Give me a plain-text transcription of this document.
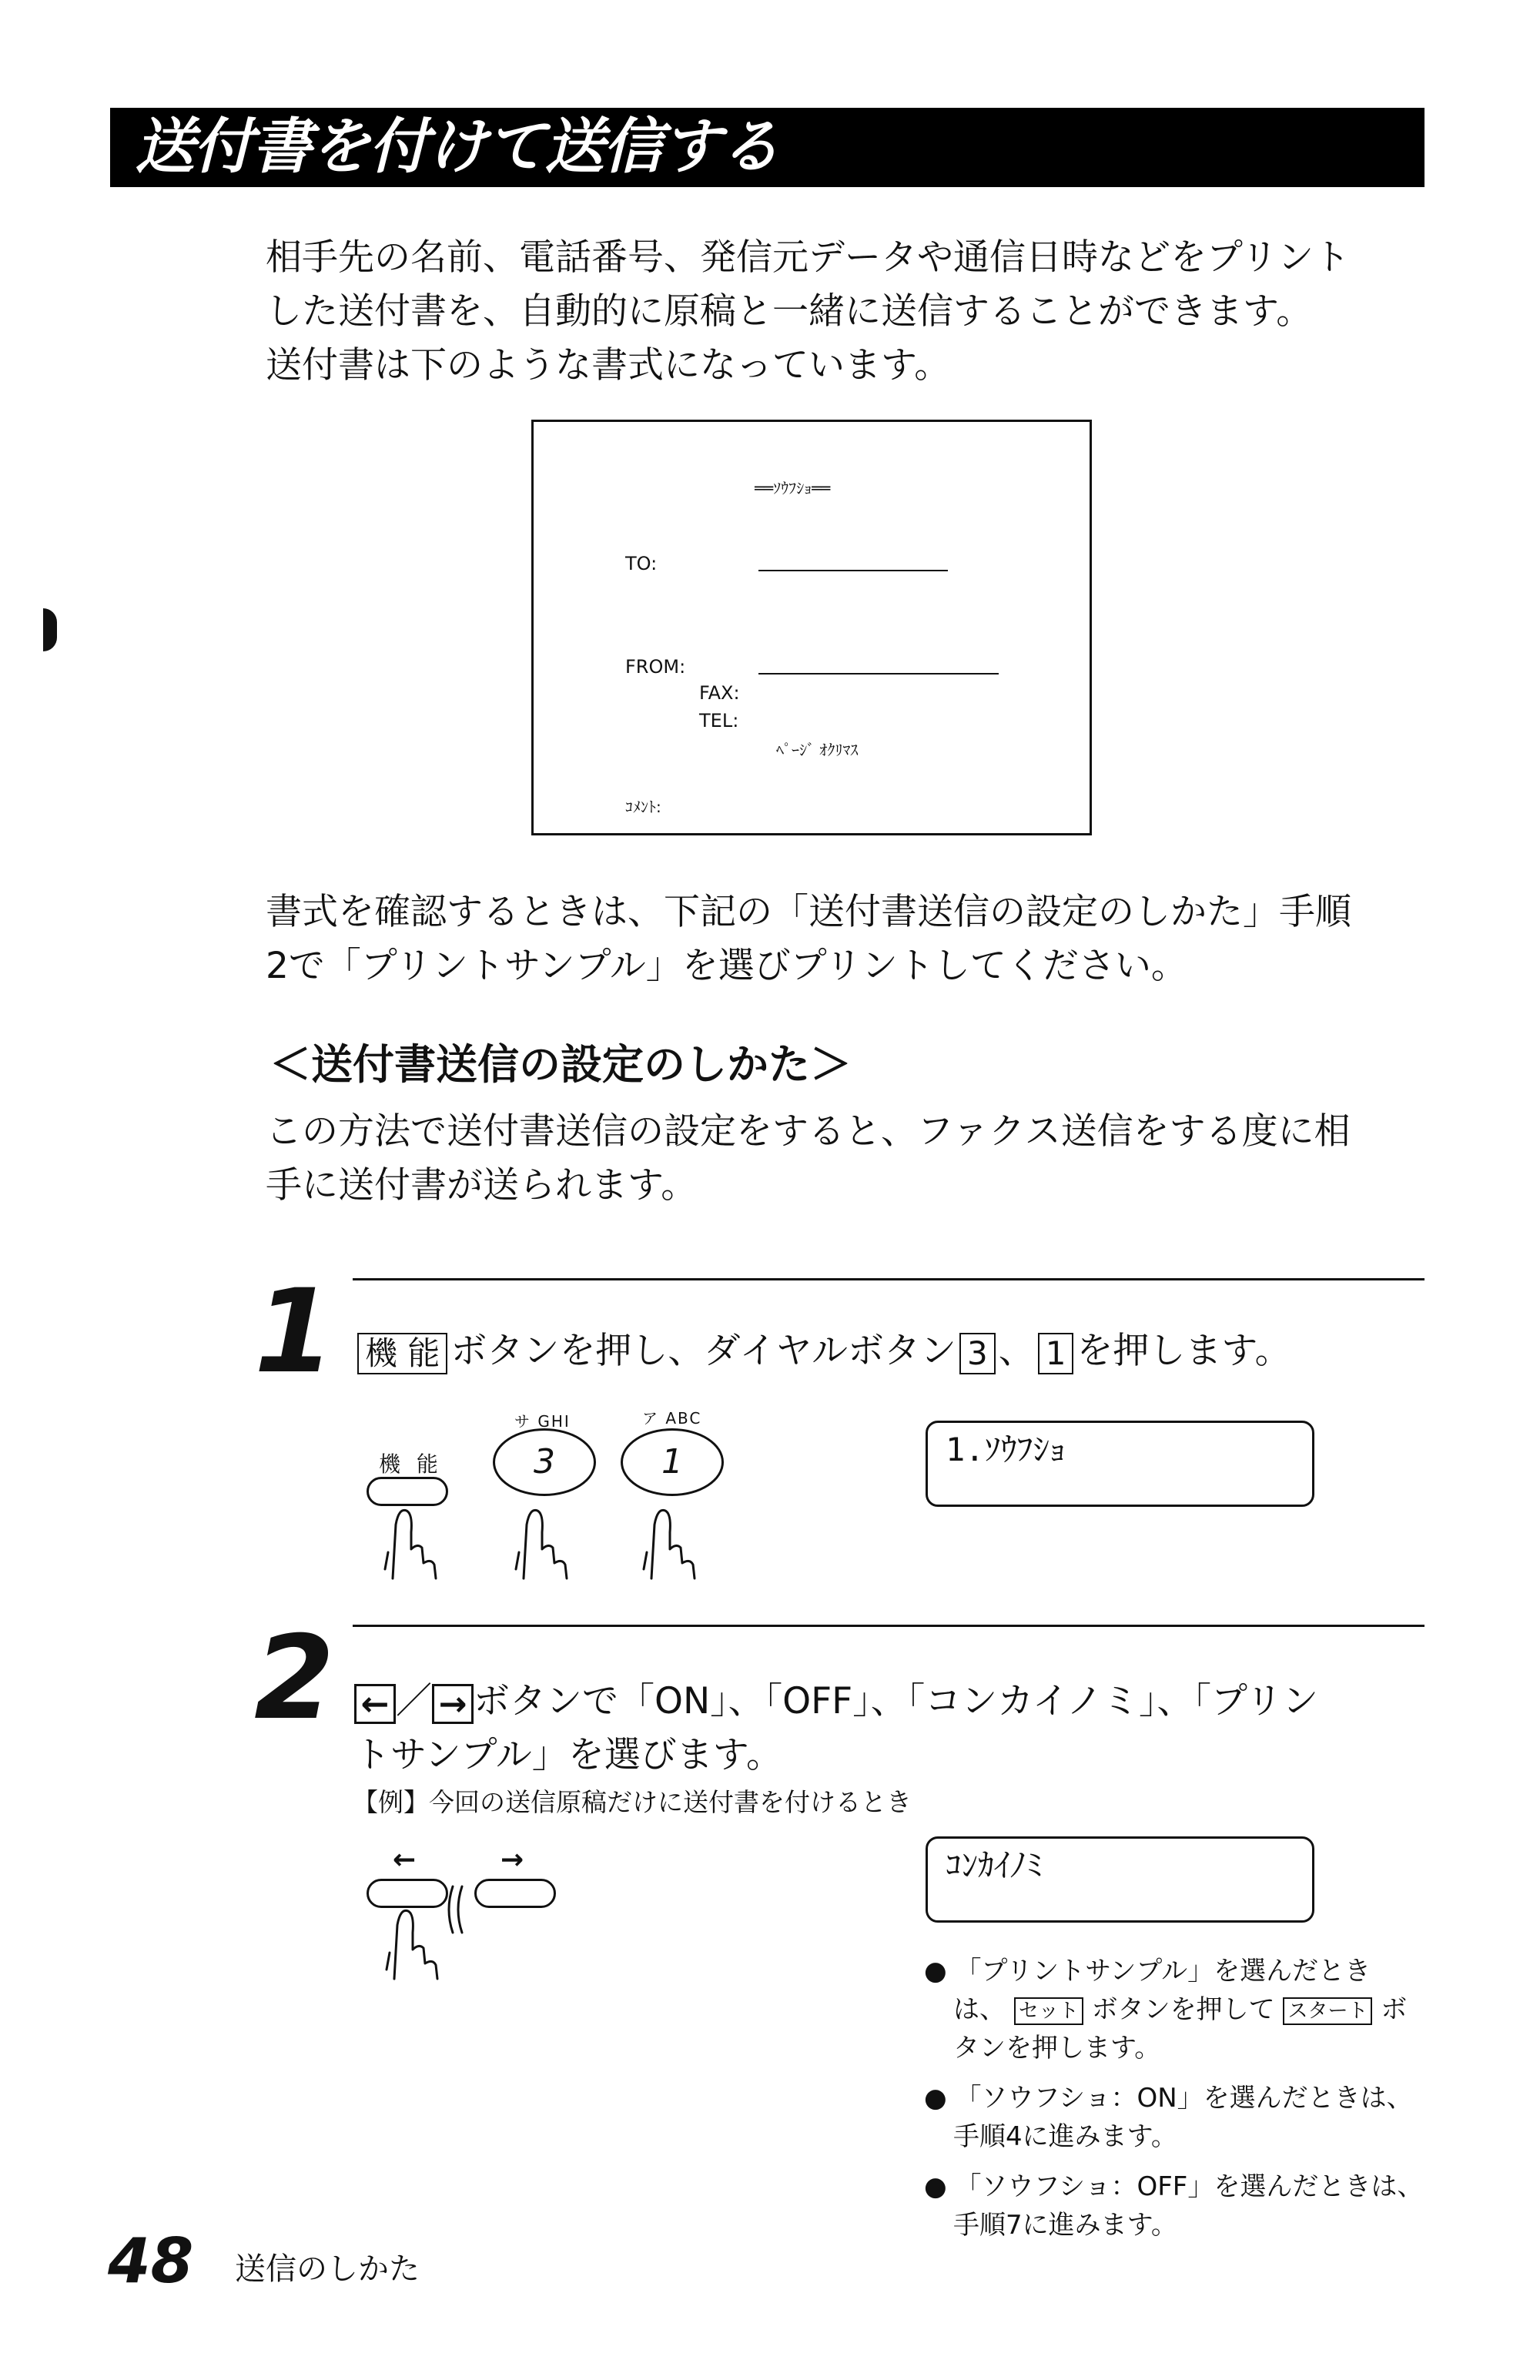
送付書を付けて送信する
相手先の名前、電話番号、発信元データや通信日時などをプリント
した送付書を、自動的に原稿と一緒に送信することができます。
送付書は下のような書式になっています。
══ｿｳﾌｼｮ══
TO:
FROM:
FAX:
TEL:
ﾍﾟｰｼﾞ ｵｸﾘﾏｽ
ｺﾒﾝﾄ:
書式を確認するときは、下記の「送付書送信の設定のしかた」手順
2で「プリントサンプル」を選びプリントしてください。
＜送付書送信の設定のしかた＞
この方法で送付書送信の設定をすると、ファクス送信をする度に相
手に送付書が送られます。
1 機 能 ボタンを押し、ダイヤルボタン 3 、 1 を押します。
機 能
サ GHI
3
ア ABC
1	1.ｿｳﾌｼｮ
2 ← ／ → ボタンで「ON」、「OFF」、「コンカイノミ」、「プリン
トサンプル」を選びます。
【例】今回の送信原稿だけに送付書を付けるとき
←	→	ｺﾝｶｲﾉﾐ
● 「プリントサンプル」を選んだとき
は、 セット ボタンを押して スタート ボ
タンを押します。
● 「ソウフショ：ON」を選んだときは、
手順4に進みます。
● 「ソウフショ：OFF」を選んだときは、
手順7に進みます。
48 送信のしかた
